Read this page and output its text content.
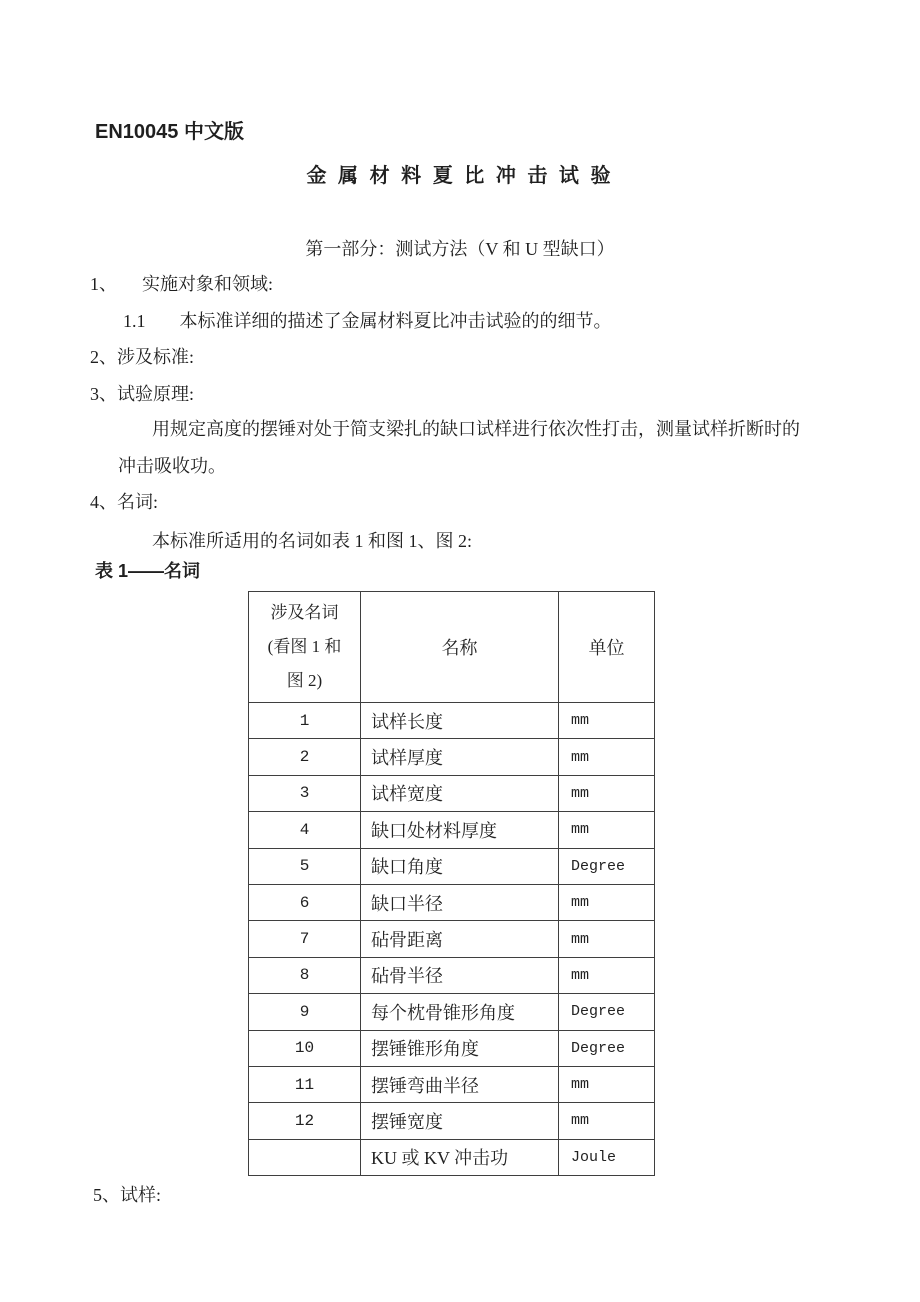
EN10045 中文版
金 属 材 料 夏 比 冲 击 试 验
第一部分：测试方法（V 和 U 型缺口）
1、 实施对象和领域:
1.1 本标准详细的描述了金属材料夏比冲击试验的的细节。
2、涉及标准:
3、试验原理:
用规定高度的摆锤对处于简支梁扎的缺口试样进行依次性打击，测量试样折断时的
冲击吸收功。
4、名词:
本标准所适用的名词如表 1 和图 1、图 2:
表 1——名词
涉及名词
(看图 1 和
图 2)	名称	单位
1	试样长度	mm
2	试样厚度	mm
3	试样宽度	mm
4	缺口处材料厚度	mm
5	缺口角度	Degree
6	缺口半径	mm
7	砧骨距离	mm
8	砧骨半径	mm
9	每个枕骨锥形角度	Degree
10	摆锤锥形角度	Degree
11	摆锤弯曲半径	mm
12	摆锤宽度	mm
	KU 或 KV 冲击功	Joule
5、试样:
